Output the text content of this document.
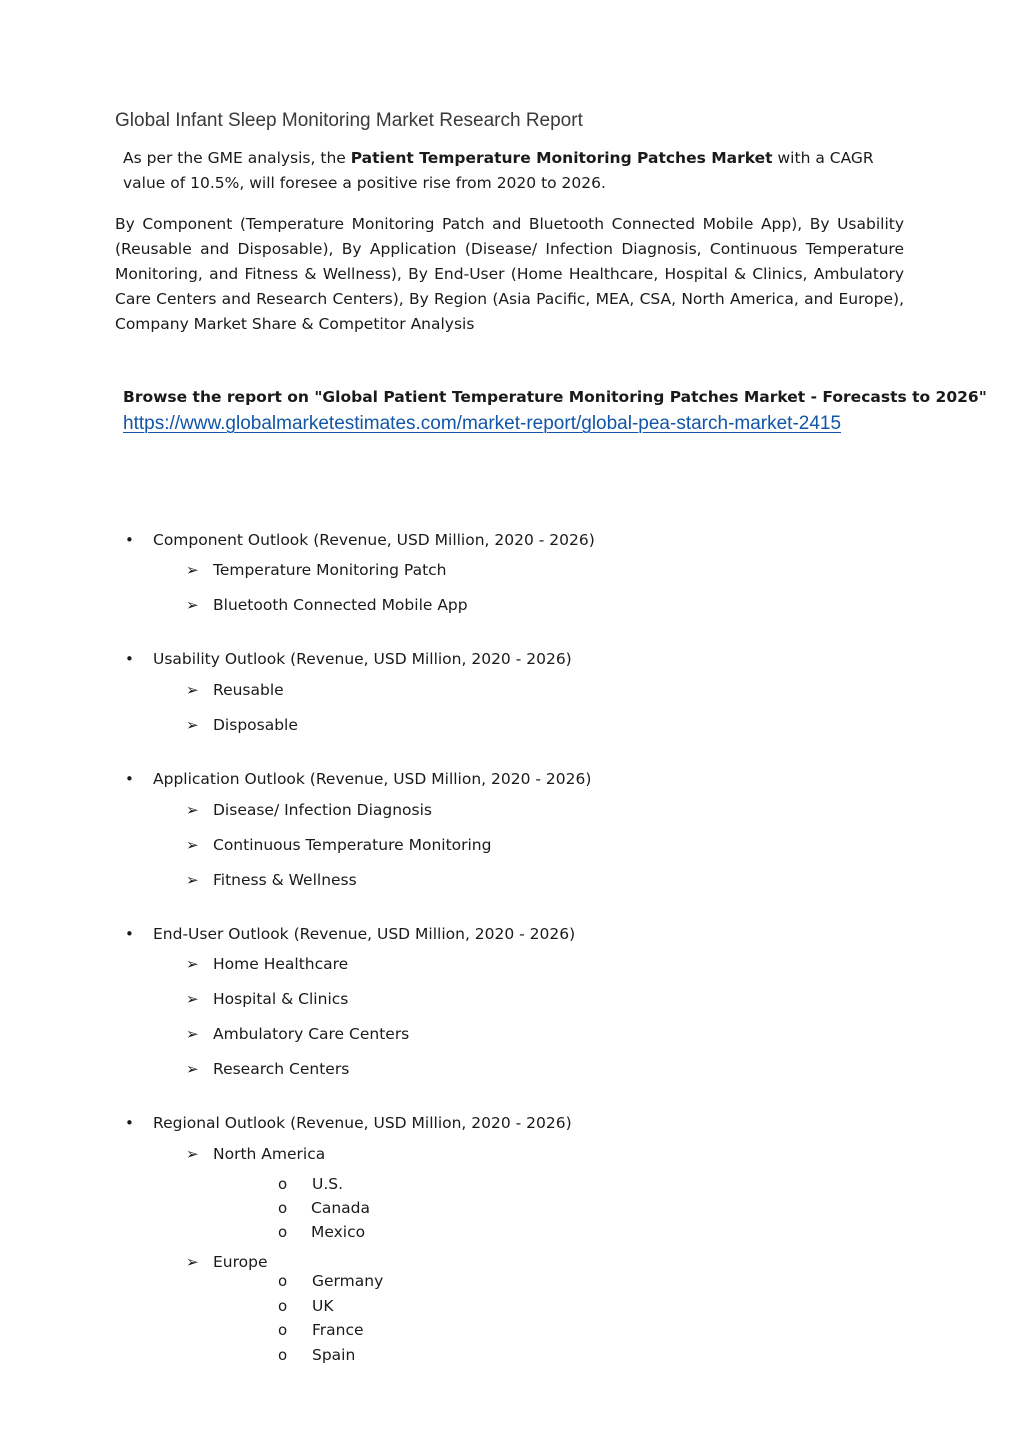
Global Infant Sleep Monitoring Market Research Report
As per the GME analysis, the Patient Temperature Monitoring Patches Market with a CAGR value of 10.5%, will foresee a positive rise from 2020 to 2026.
By Component (Temperature Monitoring Patch and Bluetooth Connected Mobile App), By Usability (Reusable and Disposable), By Application (Disease/ Infection Diagnosis, Continuous Temperature Monitoring, and Fitness & Wellness), By End-User (Home Healthcare, Hospital & Clinics, Ambulatory Care Centers and Research Centers), By Region (Asia Pacific, MEA, CSA, North America, and Europe), Company Market Share & Competitor Analysis
Browse the report on "Global Patient Temperature Monitoring Patches Market - Forecasts to 2026"
https://www.globalmarketestimates.com/market-report/global-pea-starch-market-2415
• Component Outlook (Revenue, USD Million, 2020 - 2026)
➢ Temperature Monitoring Patch
➢ Bluetooth Connected Mobile App
• Usability Outlook (Revenue, USD Million, 2020 - 2026)
➢ Reusable
➢ Disposable
• Application Outlook (Revenue, USD Million, 2020 - 2026)
➢ Disease/ Infection Diagnosis
➢ Continuous Temperature Monitoring
➢ Fitness & Wellness
• End-User Outlook (Revenue, USD Million, 2020 - 2026)
➢ Home Healthcare
➢ Hospital & Clinics
➢ Ambulatory Care Centers
➢ Research Centers
• Regional Outlook (Revenue, USD Million, 2020 - 2026)
➢ North America
o U.S.
o Canada
o Mexico
➢ Europe
o Germany
o UK
o France
o Spain
